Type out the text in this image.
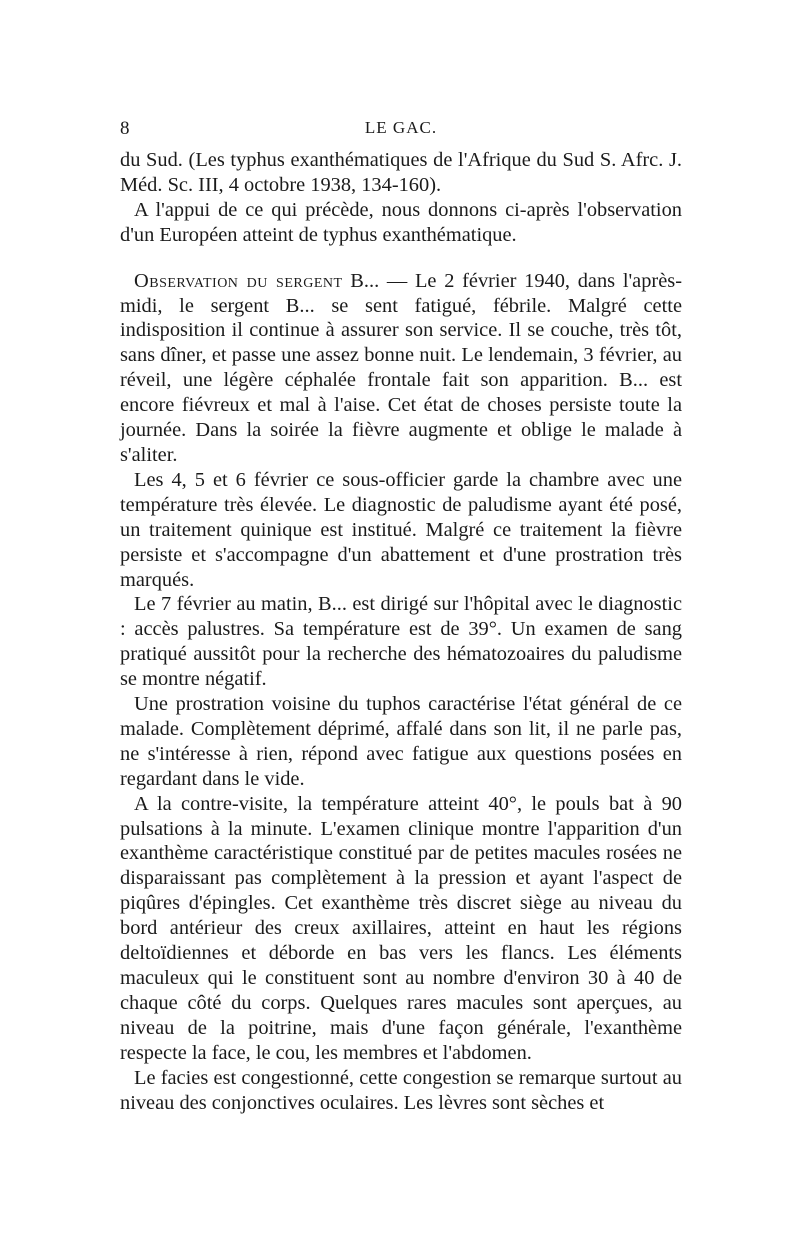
8	LE GAC.

du Sud. (Les typhus exanthématiques de l'Afrique du Sud S. Afrc. J. Méd. Sc. III, 4 octobre 1938, 134-160).

A l'appui de ce qui précède, nous donnons ci-après l'observation d'un Européen atteint de typhus exanthématique.

Observation du sergent B... — Le 2 février 1940, dans l'après-midi, le sergent B... se sent fatigué, fébrile. Malgré cette indisposition il continue à assurer son service. Il se couche, très tôt, sans dîner, et passe une assez bonne nuit. Le lendemain, 3 février, au réveil, une légère céphalée frontale fait son apparition. B... est encore fiévreux et mal à l'aise. Cet état de choses persiste toute la journée. Dans la soirée la fièvre augmente et oblige le malade à s'aliter.

Les 4, 5 et 6 février ce sous-officier garde la chambre avec une température très élevée. Le diagnostic de paludisme ayant été posé, un traitement quinique est institué. Malgré ce traitement la fièvre persiste et s'accompagne d'un abattement et d'une prostration très marqués.

Le 7 février au matin, B... est dirigé sur l'hôpital avec le diagnostic : accès palustres. Sa température est de 39°. Un examen de sang pratiqué aussitôt pour la recherche des hématozoaires du paludisme se montre négatif.

Une prostration voisine du tuphos caractérise l'état général de ce malade. Complètement déprimé, affalé dans son lit, il ne parle pas, ne s'intéresse à rien, répond avec fatigue aux questions posées en regardant dans le vide.

A la contre-visite, la température atteint 40°, le pouls bat à 90 pulsations à la minute. L'examen clinique montre l'apparition d'un exanthème caractéristique constitué par de petites macules rosées ne disparaissant pas complètement à la pression et ayant l'aspect de piqûres d'épingles. Cet exanthème très discret siège au niveau du bord antérieur des creux axillaires, atteint en haut les régions deltoïdiennes et déborde en bas vers les flancs. Les éléments maculeux qui le constituent sont au nombre d'environ 30 à 40 de chaque côté du corps. Quelques rares macules sont aperçues, au niveau de la poitrine, mais d'une façon générale, l'exanthème respecte la face, le cou, les membres et l'abdomen.

Le facies est congestionné, cette congestion se remarque surtout au niveau des conjonctives oculaires. Les lèvres sont sèches et
